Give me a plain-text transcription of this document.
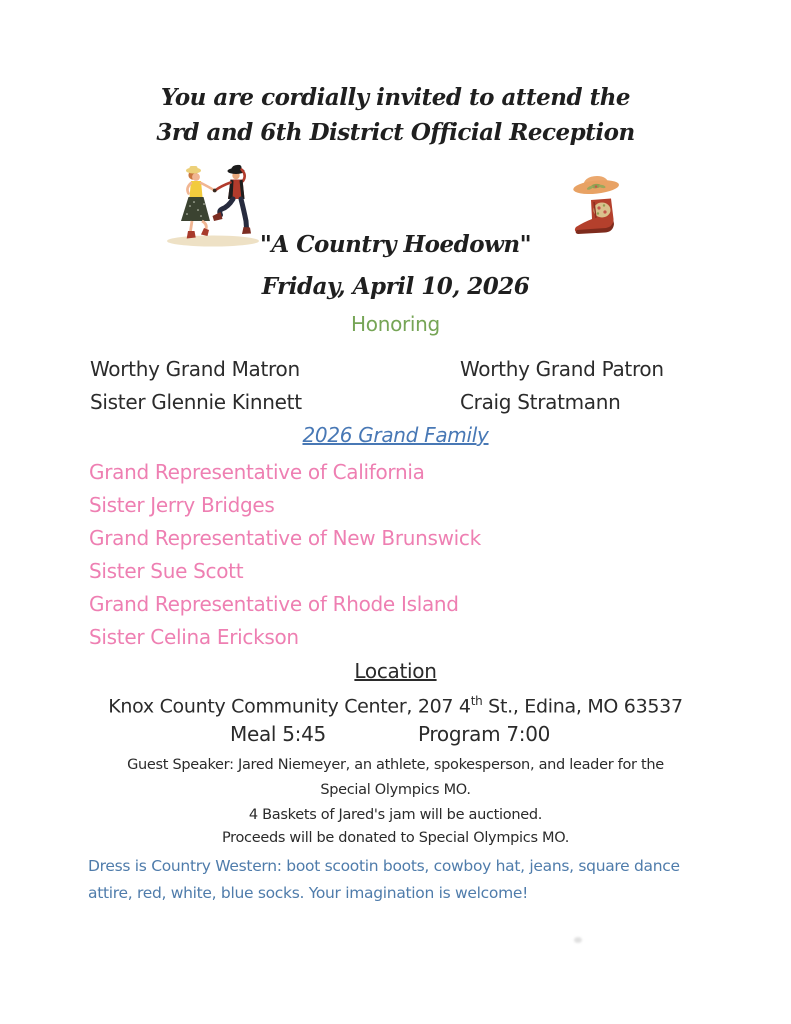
You are cordially invited to attend the
3rd and 6th District Official Reception
"A Country Hoedown"
Friday, April 10, 2026
Honoring
Worthy Grand Matron
Sister Glennie Kinnett
Worthy Grand Patron
Craig Stratmann
2026 Grand Family
Grand Representative of California
Sister Jerry Bridges
Grand Representative of New Brunswick
Sister Sue Scott
Grand Representative of Rhode Island
Sister Celina Erickson
Location
Knox County Community Center, 207 4th St., Edina, MO 63537
Meal 5:45	Program 7:00
Guest Speaker: Jared Niemeyer, an athlete, spokesperson, and leader for the
Special Olympics MO.
4 Baskets of Jared's jam will be auctioned.
Proceeds will be donated to Special Olympics MO.
Dress is Country Western: boot scootin boots, cowboy hat, jeans, square dance
attire, red, white, blue socks. Your imagination is welcome!
